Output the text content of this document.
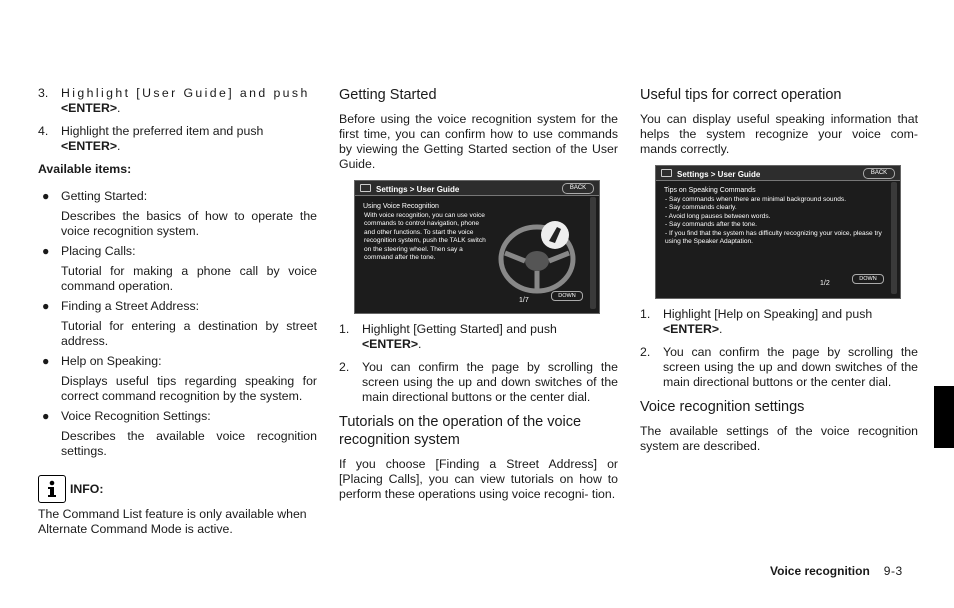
3.	Highlight [User Guide] and push
<ENTER>.
4.	Highlight the preferred item and push
<ENTER>.

Available items:

● Getting Started:

Describes the basics of how to operate the voice recognition system.

● Placing Calls:

Tutorial for making a phone call by voice command operation.

● Finding a Street Address:

Tutorial for entering a destination by street address.

● Help on Speaking:

Displays useful tips regarding speaking for correct command recognition by the system.

● Voice Recognition Settings:

Describes the available voice recognition settings.

INFO:

The Command List feature is only available when Alternate Command Mode is active.

Getting Started

Before using the voice recognition system for the first time, you can confirm how to use commands by viewing the Getting Started section of the User Guide.

Settings > User Guide	BACK
Using Voice Recognition
With voice recognition, you can use voice commands to control navigation, phone and other functions. To start the voice recognition system, push the TALK switch on the steering wheel. Then say a command after the tone.
1/7
DOWN
1.	Highlight [Getting Started] and push
<ENTER>.
2.	You can confirm the page by scrolling the screen using the up and down switches of the main directional buttons or the center dial.
Tutorials on the operation of the voice recognition system

If you choose [Finding a Street Address] or [Placing Calls], you can view tutorials on how to perform these operations using voice recogni- tion.

Useful tips for correct operation

You can display useful speaking information that helps the system recognize your voice com- mands correctly.

Settings > User Guide	BACK
Tips on Speaking Commands
- Say commands when there are minimal background sounds.
- Say commands clearly.
- Avoid long pauses between words.
- Say commands after the tone.
- If you find that the system has difficulty recognizing your voice, please try using the Speaker Adaptation.
1/2
DOWN
1.	Highlight [Help on Speaking] and push
<ENTER>.
2.	You can confirm the page by scrolling the screen using the up and down switches of the main directional buttons or the center dial.
Voice recognition settings

The available settings of the voice recognition system are described.

Voice recognition 9-3
